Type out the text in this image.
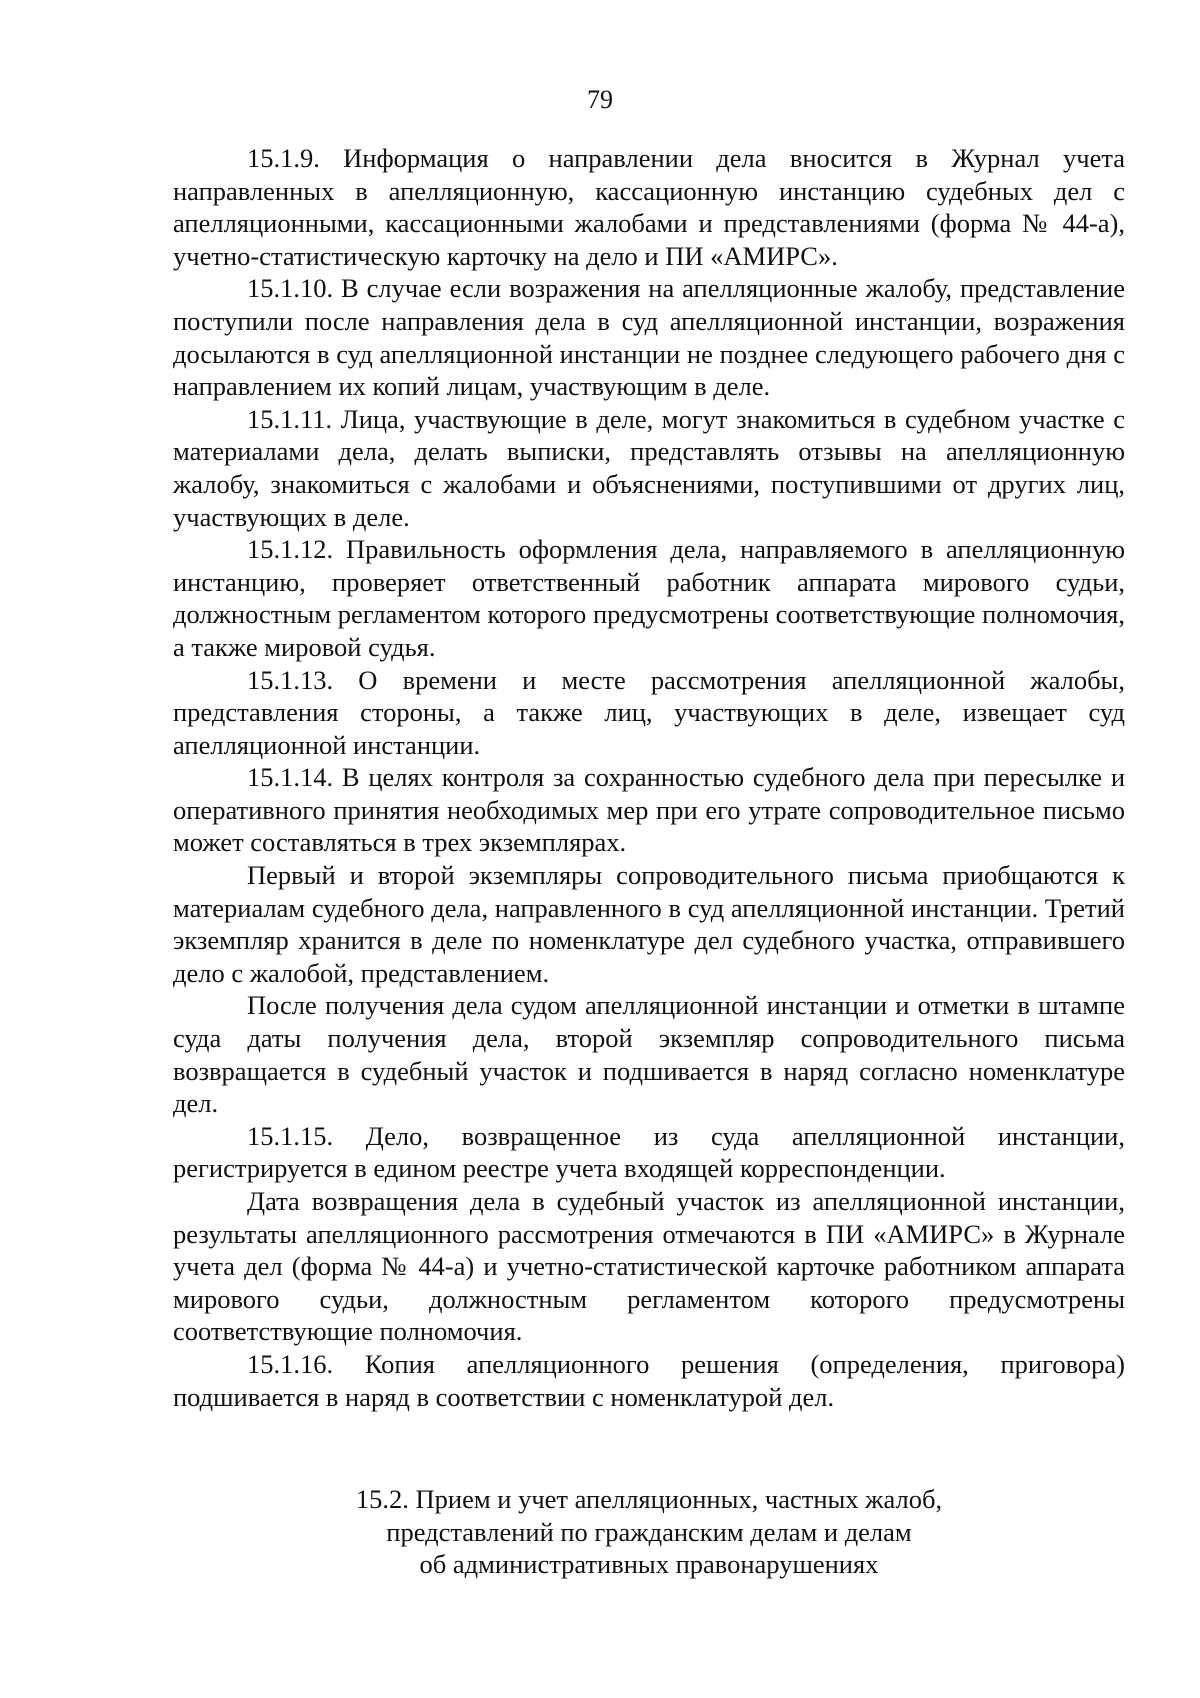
79

15.1.9. Информация о направлении дела вносится в Журнал учета направленных в апелляционную, кассационную инстанцию судебных дел с апелляционными, кассационными жалобами и представлениями (форма № 44-а), учетно-статистическую карточку на дело и ПИ «АМИРС».

15.1.10. В случае если возражения на апелляционные жалобу, представление поступили после направления дела в суд апелляционной инстанции, возражения досылаются в суд апелляционной инстанции не позднее следующего рабочего дня с направлением их копий лицам, участвующим в деле.

15.1.11. Лица, участвующие в деле, могут знакомиться в судебном участке с материалами дела, делать выписки, представлять отзывы на апелляционную жалобу, знакомиться с жалобами и объяснениями, поступившими от других лиц, участвующих в деле.

15.1.12. Правильность оформления дела, направляемого в апелляционную инстанцию, проверяет ответственный работник аппарата мирового судьи, должностным регламентом которого предусмотрены соответствующие полномочия, а также мировой судья.

15.1.13. О времени и месте рассмотрения апелляционной жалобы, представления стороны, а также лиц, участвующих в деле, извещает суд апелляционной инстанции.

15.1.14. В целях контроля за сохранностью судебного дела при пересылке и оперативного принятия необходимых мер при его утрате сопроводительное письмо может составляться в трех экземплярах.

Первый и второй экземпляры сопроводительного письма приобщаются к материалам судебного дела, направленного в суд апелляционной инстанции. Третий экземпляр хранится в деле по номенклатуре дел судебного участка, отправившего дело с жалобой, представлением.

После получения дела судом апелляционной инстанции и отметки в штампе суда даты получения дела, второй экземпляр сопроводительного письма возвращается в судебный участок и подшивается в наряд согласно номенклатуре дел.

15.1.15. Дело, возвращенное из суда апелляционной инстанции, регистрируется в едином реестре учета входящей корреспонденции.

Дата возвращения дела в судебный участок из апелляционной инстанции, результаты апелляционного рассмотрения отмечаются в ПИ «АМИРС» в Журнале учета дел (форма № 44-а) и учетно-статистической карточке работником аппарата мирового судьи, должностным регламентом которого предусмотрены соответствующие полномочия.

15.1.16. Копия апелляционного решения (определения, приговора) подшивается в наряд в соответствии с номенклатурой дел.

15.2. Прием и учет апелляционных, частных жалоб,
представлений по гражданским делам и делам
об административных правонарушениях
